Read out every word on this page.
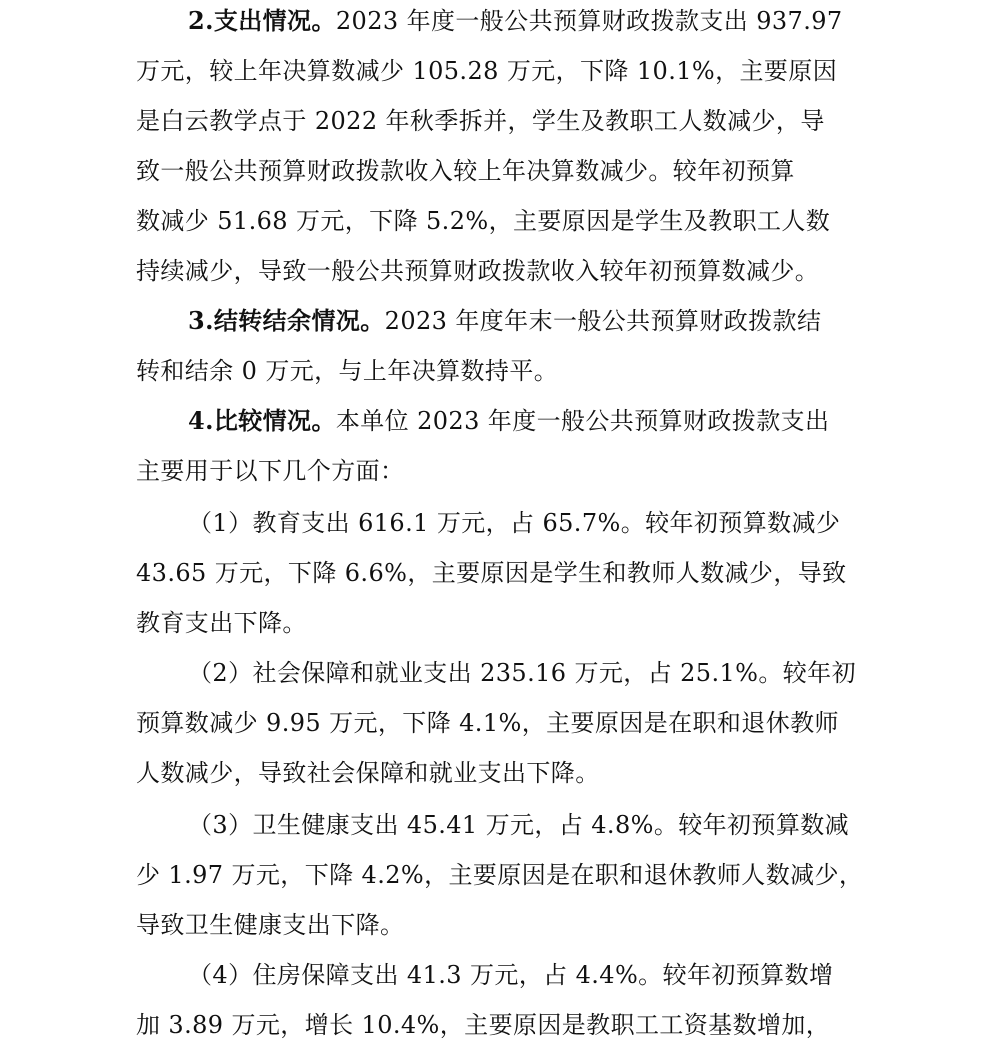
2.支出情况。2023 年度一般公共预算财政拨款支出 937.97
万元，较上年决算数减少 105.28 万元，下降 10.1%，主要原因
是白云教学点于 2022 年秋季拆并，学生及教职工人数减少，导
致一般公共预算财政拨款收入较上年决算数减少。较年初预算
数减少 51.68 万元，下降 5.2%，主要原因是学生及教职工人数
持续减少，导致一般公共预算财政拨款收入较年初预算数减少。
3.结转结余情况。2023 年度年末一般公共预算财政拨款结
转和结余 0 万元，与上年决算数持平。
4.比较情况。本单位 2023 年度一般公共预算财政拨款支出
主要用于以下几个方面：
（1）教育支出 616.1 万元，占 65.7%。较年初预算数减少
43.65 万元，下降 6.6%，主要原因是学生和教师人数减少，导致
教育支出下降。
（2）社会保障和就业支出 235.16 万元，占 25.1%。较年初
预算数减少 9.95 万元，下降 4.1%，主要原因是在职和退休教师
人数减少，导致社会保障和就业支出下降。
（3）卫生健康支出 45.41 万元，占 4.8%。较年初预算数减
少 1.97 万元，下降 4.2%，主要原因是在职和退休教师人数减少，
导致卫生健康支出下降。
（4）住房保障支出 41.3 万元，占 4.4%。较年初预算数增
加 3.89 万元，增长 10.4%，主要原因是教职工工资基数增加，
